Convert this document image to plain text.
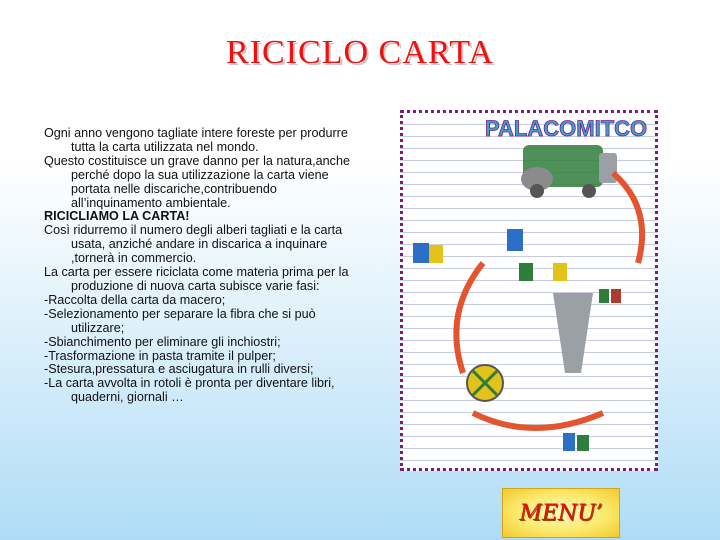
RICICLO CARTA

Ogni anno vengono tagliate intere foreste per produrre tutta la carta utilizzata nel mondo.

Questo costituisce un grave danno per la natura,anche perché dopo la sua utilizzazione la carta viene portata nelle discariche,contribuendo all’inquinamento ambientale.

RICICLIAMO LA CARTA!

Così ridurremo il numero degli alberi tagliati e la carta usata, anziché andare in discarica a inquinare ,tornerà in commercio.

La carta per essere riciclata come materia prima per la produzione di nuova carta subisce varie fasi:

-Raccolta della carta da macero;

-Selezionamento per separare la fibra che si può utilizzare;

-Sbianchimento per eliminare gli inchiostri;

-Trasformazione in pasta tramite il pulper;

-Stesura,pressatura e asciugatura in rulli diversi;

-La carta avvolta in rotoli è pronta per diventare libri, quaderni, giornali …

PALACOMITCO
MENU’
